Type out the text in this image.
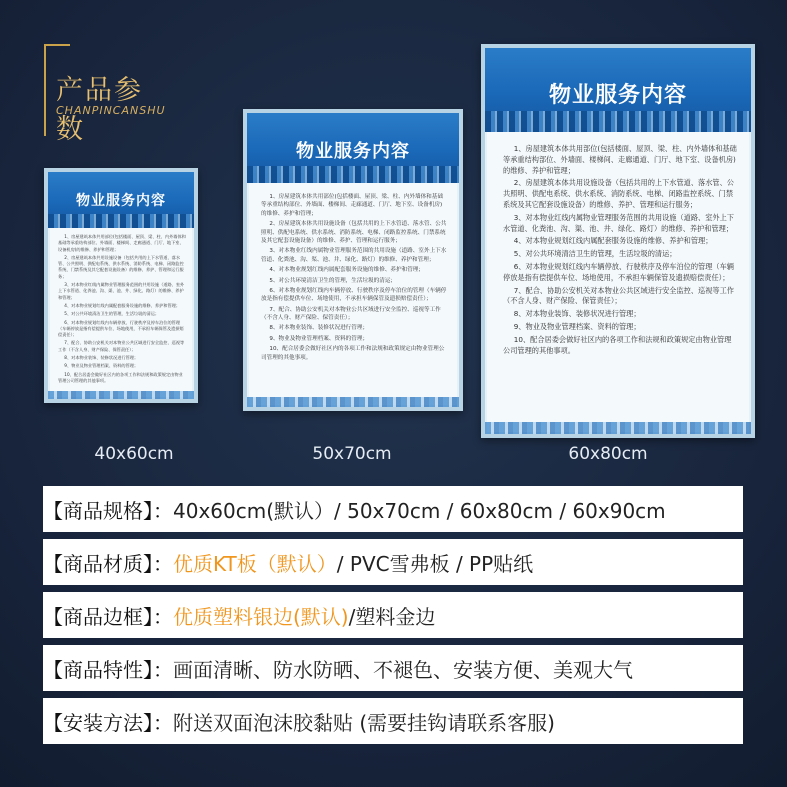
产品参数
CHANPINCANSHU
物业服务内容

1、房屋建筑本体共用部位(包括楼面、屋顶、梁、柱、内外墙体和基础等承重结构部位、外墙面、楼梯间、走廊通道、门厅、地下室、设备机房)的维修、养护和管理；

2、房屋建筑本体共用设施设备（包括共用的上下水管道、落水管、公共照明、供配电系统、供水系统、消防系统、电梯、闭路监控系统、门禁系统及其它配套设施设备）的维修、养护、管理和运行服务；

3、对本物业红线内属物业管理服务范围的共用设施（道路、室外上下水管道、化粪池、沟、渠、池、井、绿化、路灯）的维修、养护和管理；

4、对本物业规划红线内属配套服务设施的维修、养护和管理；

5、对公共环境清洁卫生的管理，生活垃圾的清运；

6、对本物业规划红线内车辆停放、行驶秩序及停车泊位的管理（车辆停放是指有偿提供车位、场地使用，不承担车辆保管及遗损赔偿责任）；

7、配合、协助公安机关对本物业公共区域进行安全监控、巡视等工作（不含人身、财产保险、保管责任）；

8、对本物业装饰、装修状况进行管理；

9、物业及物业管理档案、资料的管理；

10、配合居委会做好社区内的各项工作和法规和政策规定由物业管理公司管理的其他事项。

物业服务内容

1、房屋建筑本体共用部位(包括楼面、屋顶、梁、柱、内外墙体和基础等承重结构部位、外墙面、楼梯间、走廊通道、门厅、地下室、设备机房)的维修、养护和管理；

2、房屋建筑本体共用设施设备（包括共用的上下水管道、落水管、公共照明、供配电系统、供水系统、消防系统、电梯、闭路监控系统、门禁系统及其它配套设施设备）的维修、养护、管理和运行服务；

3、对本物业红线内属物业管理服务范围的共用设施（道路、室外上下水管道、化粪池、沟、渠、池、井、绿化、路灯）的维修、养护和管理；

4、对本物业规划红线内属配套服务设施的维修、养护和管理；

5、对公共环境清洁卫生的管理，生活垃圾的清运；

6、对本物业规划红线内车辆停放、行驶秩序及停车泊位的管理（车辆停放是指有偿提供车位、场地使用，不承担车辆保管及遗损赔偿责任）；

7、配合、协助公安机关对本物业公共区域进行安全监控、巡视等工作（不含人身、财产保险、保管责任）；

8、对本物业装饰、装修状况进行管理；

9、物业及物业管理档案、资料的管理；

10、配合居委会做好社区内的各项工作和法规和政策规定由物业管理公司管理的其他事项。

物业服务内容

1、房屋建筑本体共用部位(包括楼面、屋顶、梁、柱、内外墙体和基础等承重结构部位、外墙面、楼梯间、走廊通道、门厅、地下室、设备机房)的维修、养护和管理；

2、房屋建筑本体共用设施设备（包括共用的上下水管道、落水管、公共照明、供配电系统、供水系统、消防系统、电梯、闭路监控系统、门禁系统及其它配套设施设备）的维修、养护、管理和运行服务；

3、对本物业红线内属物业管理服务范围的共用设施（道路、室外上下水管道、化粪池、沟、渠、池、井、绿化、路灯）的维修、养护和管理；

4、对本物业规划红线内属配套服务设施的维修、养护和管理；

5、对公共环境清洁卫生的管理，生活垃圾的清运；

6、对本物业规划红线内车辆停放、行驶秩序及停车泊位的管理（车辆停放是指有偿提供车位、场地使用，不承担车辆保管及遗损赔偿责任）；

7、配合、协助公安机关对本物业公共区域进行安全监控、巡视等工作（不含人身、财产保险、保管责任）；

8、对本物业装饰、装修状况进行管理；

9、物业及物业管理档案、资料的管理；

10、配合居委会做好社区内的各项工作和法规和政策规定由物业管理公司管理的其他事项。

40x60cm	50x70cm	60x80cm
【商品规格】： 40x60cm(默认）/ 50x70cm / 60x80cm / 60x90cm
【商品材质】： 优质KT板（默认） / PVC雪弗板 / PP贴纸
【商品边框】： 优质塑料银边(默认) /塑料金边
【商品特性】： 画面清晰、防水防晒、不褪色、安装方便、美观大气
【安装方法】： 附送双面泡沫胶黏贴 (需要挂钩请联系客服)
